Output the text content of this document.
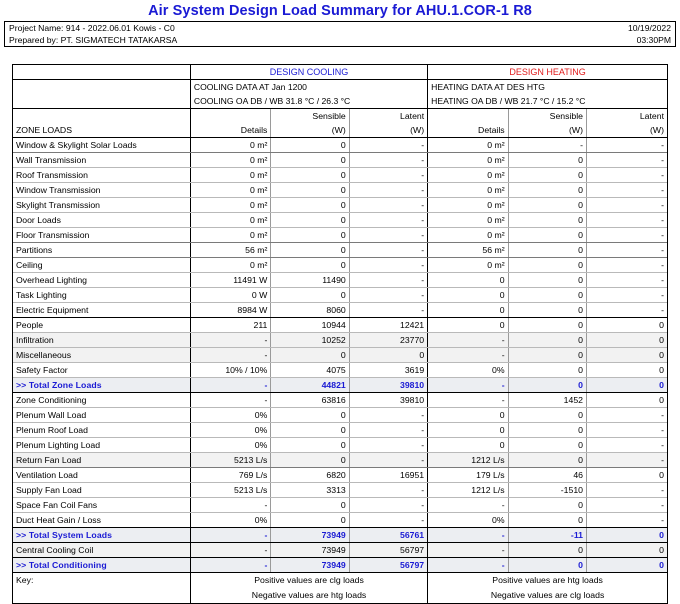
Air System Design Load Summary for AHU.1.COR-1 R8
Project Name: 914 - 2022.06.01 Kowis - C0	10/19/2022
Prepared by: PT. SIGMATECH TATAKARSA	03:30PM
	DESIGN COOLING			DESIGN HEATING		
	COOLING DATA AT Jan 1200			HEATING DATA AT DES HTG		
	COOLING OA DB / WB 31.8 °C / 26.3 °C			HEATING OA DB / WB 21.7 °C / 15.2 °C		
		Sensible	Latent		Sensible	Latent
ZONE LOADS	Details	(W)	(W)	Details	(W)	(W)
Window & Skylight Solar Loads	0 m²	0	-	0 m²	-	-
Wall Transmission	0 m²	0	-	0 m²	0	-
Roof Transmission	0 m²	0	-	0 m²	0	-
Window Transmission	0 m²	0	-	0 m²	0	-
Skylight Transmission	0 m²	0	-	0 m²	0	-
Door Loads	0 m²	0	-	0 m²	0	-
Floor Transmission	0 m²	0	-	0 m²	0	-
Partitions	56 m²	0	-	56 m²	0	-
Ceiling	0 m²	0	-	0 m²	0	-
Overhead Lighting	11491 W	11490	-	0	0	-
Task Lighting	0 W	0	-	0	0	-
Electric Equipment	8984 W	8060	-	0	0	-
People	211	10944	12421	0	0	0
Infiltration	-	10252	23770	-	0	0
Miscellaneous	-	0	0	-	0	0
Safety Factor	10% / 10%	4075	3619	0%	0	0
>> Total Zone Loads	-	44821	39810	-	0	0
Zone Conditioning	-	63816	39810	-	1452	0
Plenum Wall Load	0%	0	-	0	0	-
Plenum Roof Load	0%	0	-	0	0	-
Plenum Lighting Load	0%	0	-	0	0	-
Return Fan Load	5213 L/s	0	-	1212 L/s	0	-
Ventilation Load	769 L/s	6820	16951	179 L/s	46	0
Supply Fan Load	5213 L/s	3313	-	1212 L/s	-1510	-
Space Fan Coil Fans	-	0	-	-	0	-
Duct Heat Gain / Loss	0%	0	-	0%	0	-
>> Total System Loads	-	73949	56761	-	-11	0
Central Cooling Coil	-	73949	56797	-	0	0
>> Total Conditioning	-	73949	56797	-	0	0
Key:	Positive values are clg loads			Positive values are htg loads		
	Negative values are htg loads			Negative values are clg loads		
